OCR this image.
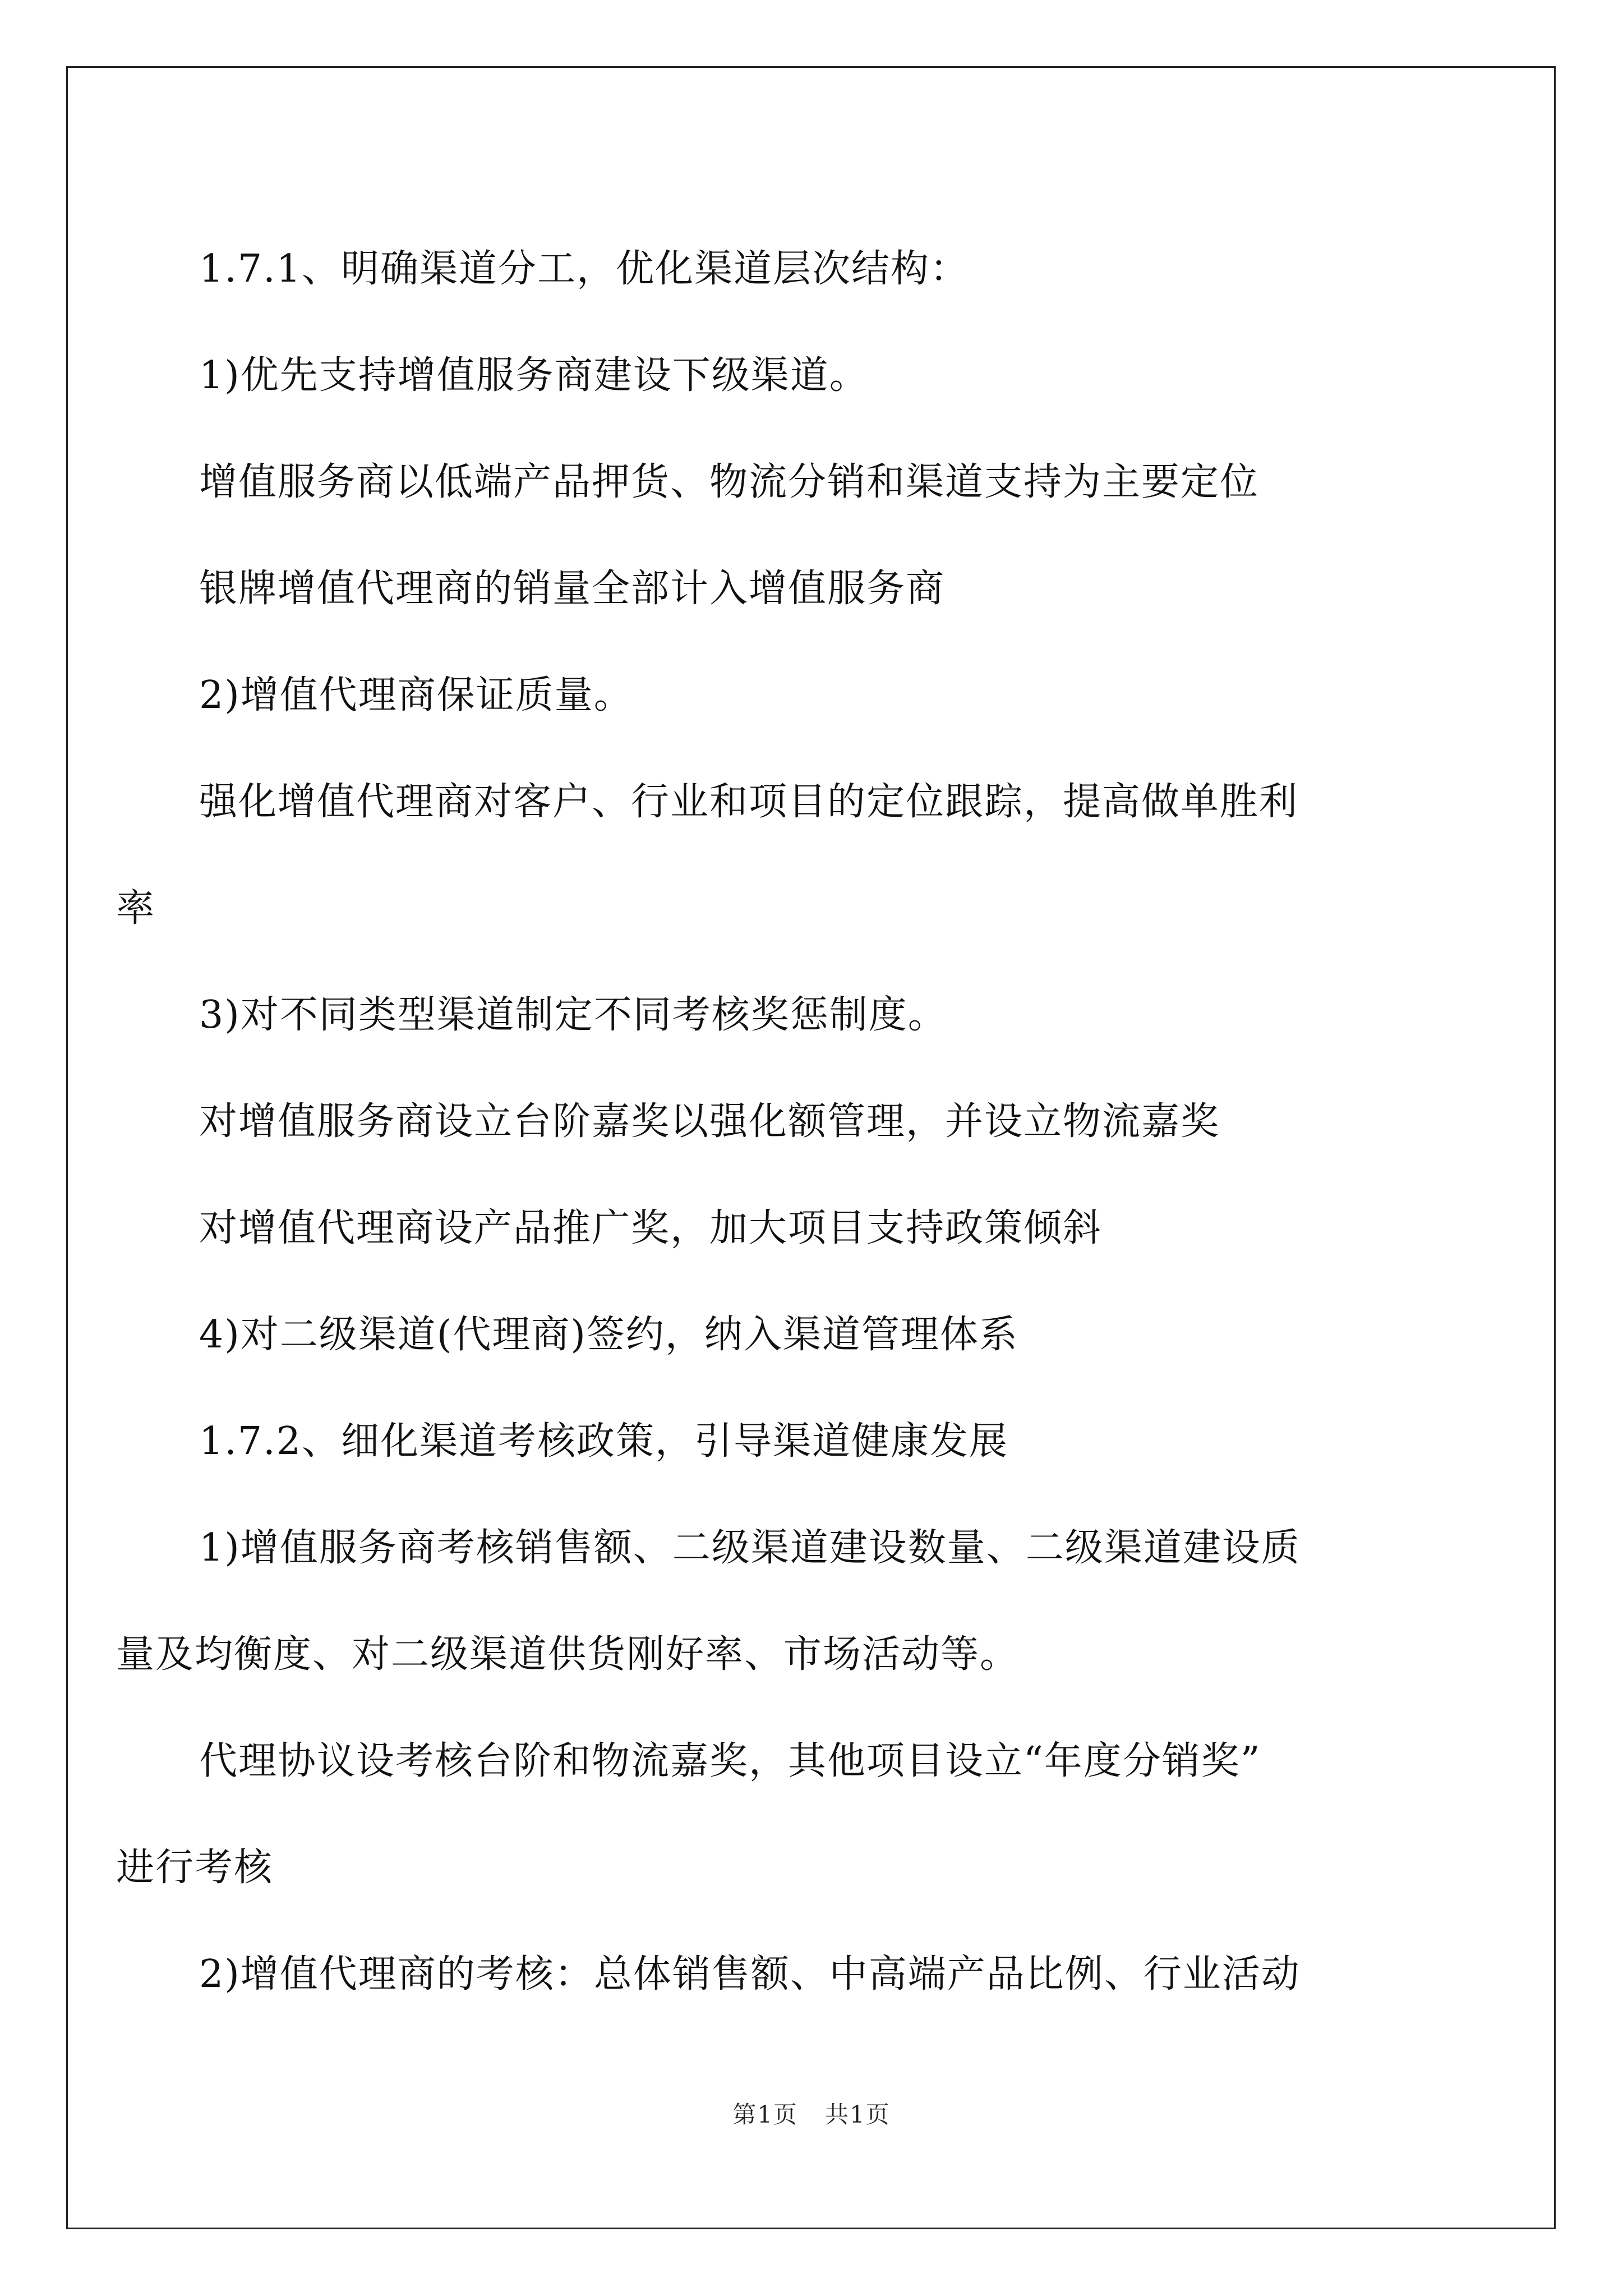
1.7.1、明确渠道分工，优化渠道层次结构：
1)优先支持增值服务商建设下级渠道。
增值服务商以低端产品押货、物流分销和渠道支持为主要定位
银牌增值代理商的销量全部计入增值服务商
2)增值代理商保证质量。
强化增值代理商对客户、行业和项目的定位跟踪，提高做单胜利
率
3)对不同类型渠道制定不同考核奖惩制度。
对增值服务商设立台阶嘉奖以强化额管理，并设立物流嘉奖
对增值代理商设产品推广奖，加大项目支持政策倾斜
4)对二级渠道(代理商)签约，纳入渠道管理体系
1.7.2、细化渠道考核政策，引导渠道健康发展
1)增值服务商考核销售额、二级渠道建设数量、二级渠道建设质
量及均衡度、对二级渠道供货刚好率、市场活动等。
代理协议设考核台阶和物流嘉奖，其他项目设立“年度分销奖”
进行考核
2)增值代理商的考核：总体销售额、中高端产品比例、行业活动
第1页 共1页
